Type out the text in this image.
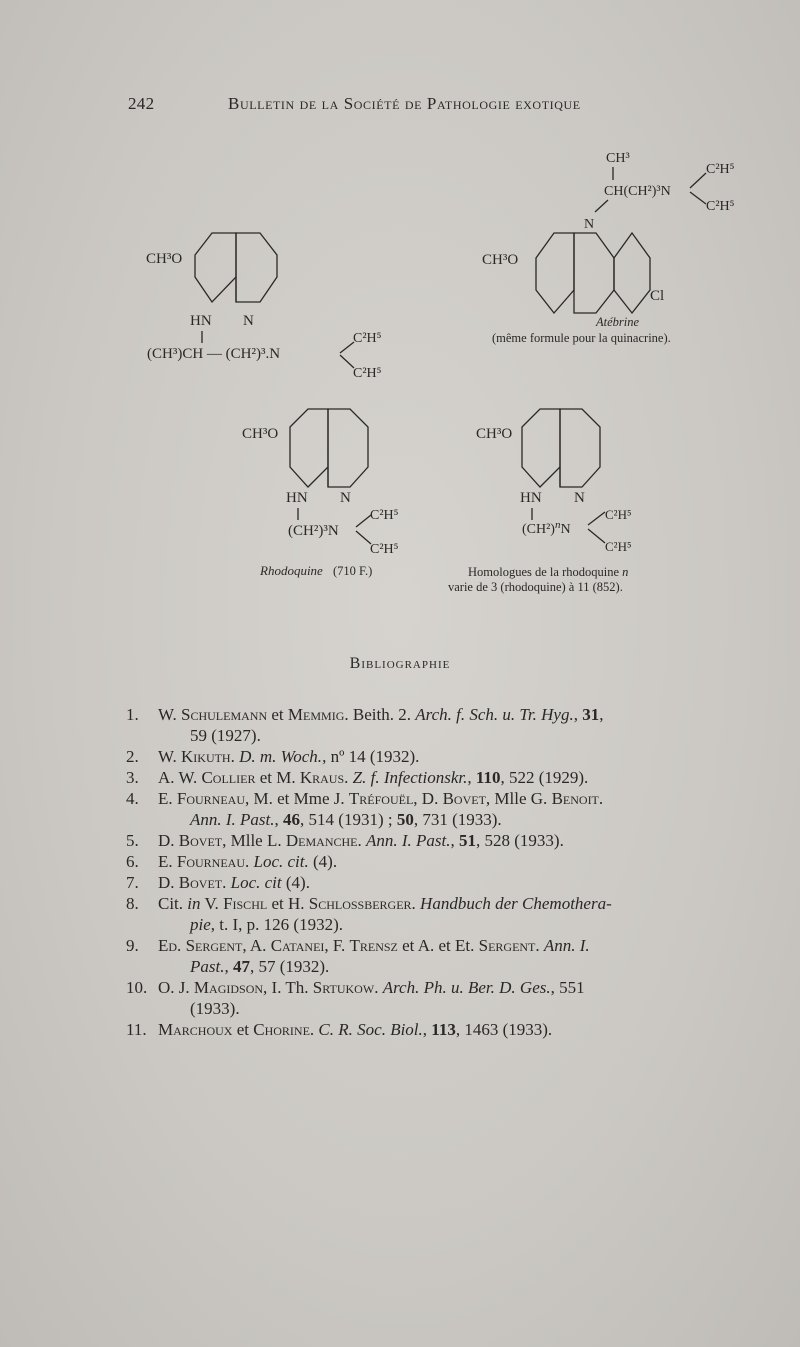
242	Bulletin de la Société de Pathologie exotique
CH³O
HN N
(CH³)CH — (CH²)³.N
C²H⁵
C²H⁵
CH³
CH(CH²)³N
C²H⁵
C²H⁵
N
CH³O
Cl
Atébrine
(même formule pour la quinacrine).
CH³O
HN N
(CH²)³N
C²H⁵
C²H⁵
Rhodoquine (710 F.)
CH³O
HN N
$(CH^2)^nN$
C²H⁵
C²H⁵
Homologues de la rhodoquine n
varie de 3 (rhodoquine) à 11 (852).
Bibliographie
1. W. Schulemann et Memmig. Beith. 2. Arch. f. Sch. u. Tr. Hyg., 31,
59 (1927).
2. W. Kikuth. D. m. Woch., nº 14 (1932).
3. A. W. Collier et M. Kraus. Z. f. Infectionskr., 110, 522 (1929).
4. E. Fourneau, M. et Mme J. Tréfouël, D. Bovet, Mlle G. Benoit.
Ann. I. Past., 46, 514 (1931) ; 50, 731 (1933).
5. D. Bovet, Mlle L. Demanche. Ann. I. Past., 51, 528 (1933).
6. E. Fourneau. Loc. cit. (4).
7. D. Bovet. Loc. cit (4).
8. Cit. in V. Fischl et H. Schlossberger. Handbuch der Chemothera-
pie, t. I, p. 126 (1932).
9. Ed. Sergent, A. Catanei, F. Trensz et A. et Et. Sergent. Ann. I.
Past., 47, 57 (1932).
10. O. J. Magidson, I. Th. Srtukow. Arch. Ph. u. Ber. D. Ges., 551
(1933).
11. Marchoux et Chorine. C. R. Soc. Biol., 113, 1463 (1933).
